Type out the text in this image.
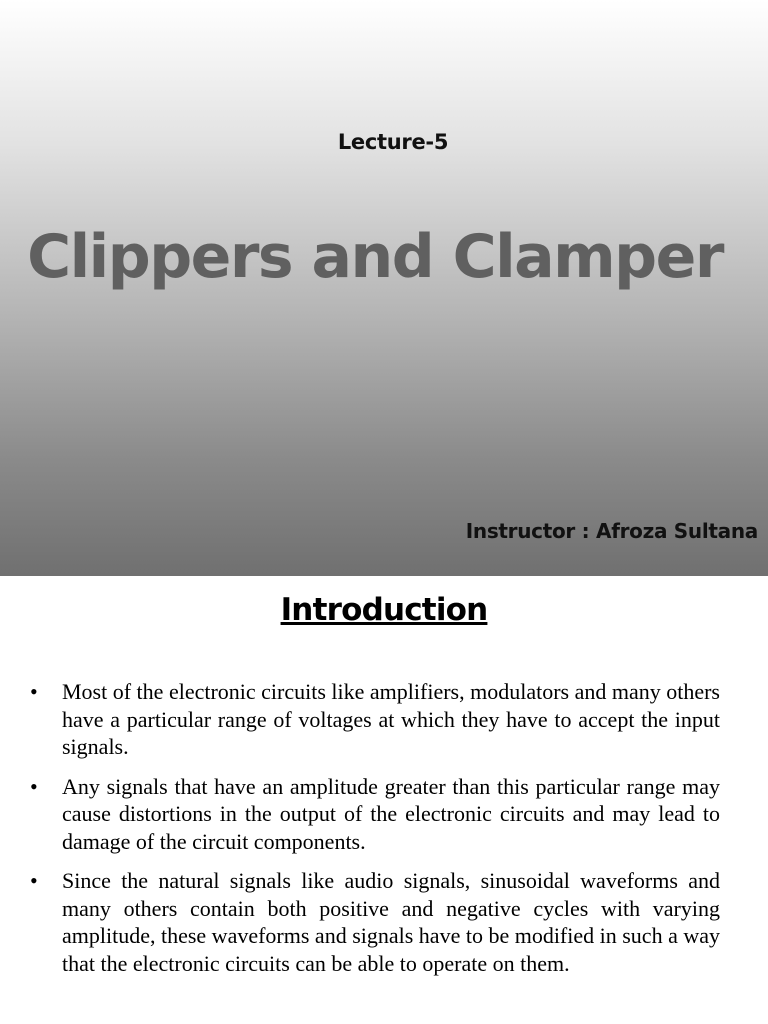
Lecture-5
Clippers and Clamper
Instructor : Afroza Sultana
Introduction
• Most of the electronic circuits like amplifiers, modulators and many others have a particular range of voltages at which they have to accept the input signals.
• Any signals that have an amplitude greater than this particular range may cause distortions in the output of the electronic circuits and may lead to damage of the circuit components.
• Since the natural signals like audio signals, sinusoidal waveforms and many others contain both positive and negative cycles with varying amplitude, these waveforms and signals have to be modified in such a way that the electronic circuits can be able to operate on them.
